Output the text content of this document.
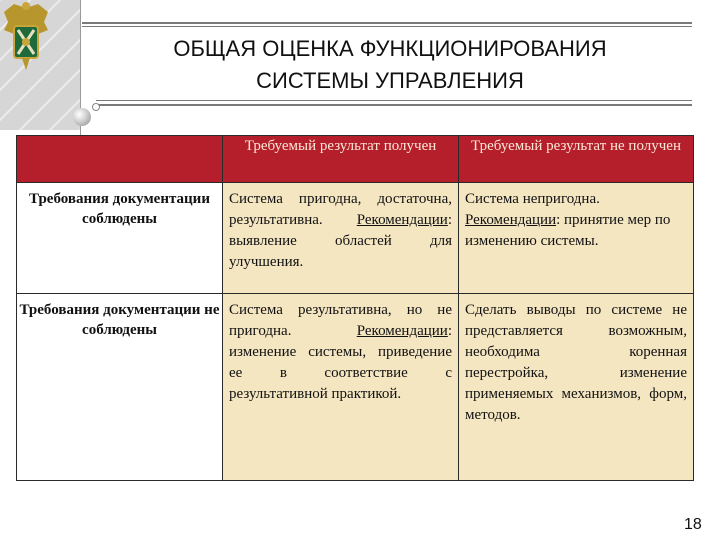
ОБЩАЯ ОЦЕНКА ФУНКЦИОНИРОВАНИЯ
СИСТЕМЫ УПРАВЛЕНИЯ
	Требуемый результат получен	Требуемый результат не получен
Требования документации соблюдены	Система пригодна, достаточна, результативна. Рекомендации: выявление областей для улучшения.	Система непригодна. Рекомендации: принятие мер по изменению системы.
Требования документации не соблюдены	Система результативна, но не пригодна. Рекомендации: изменение системы, приведение ее в соответствие с результативной практикой.	Сделать выводы по системе не представляется возможным, необходима коренная перестройка, изменение применяемых механизмов, форм, методов.
18
